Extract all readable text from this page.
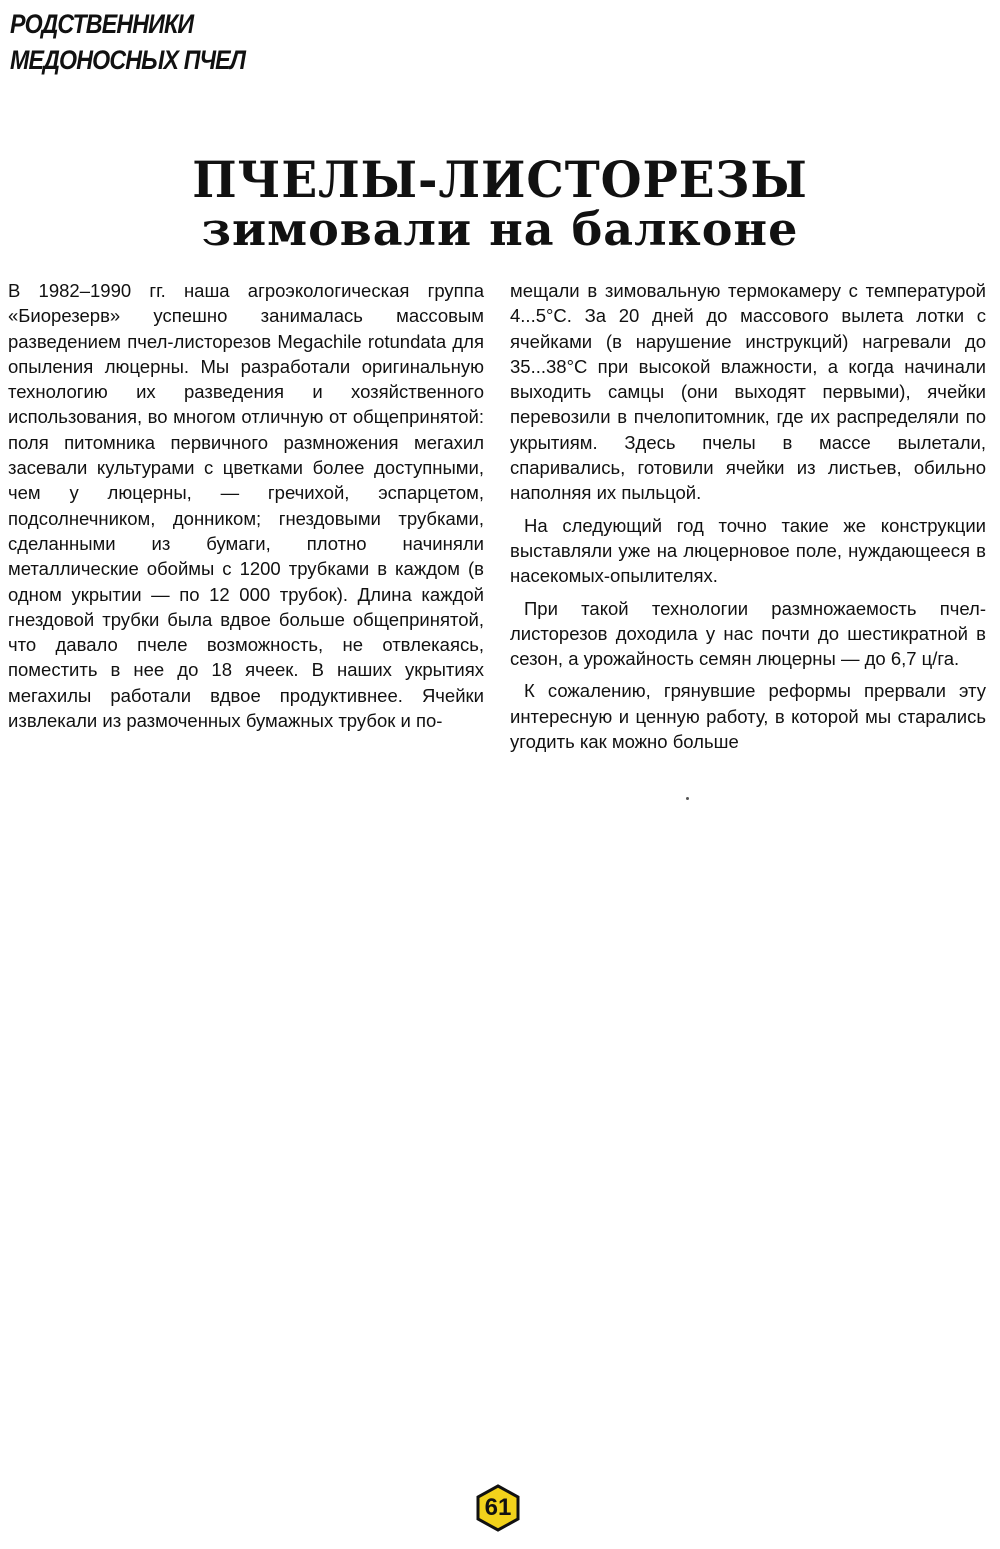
РОДСТВЕННИКИ
МЕДОНОСНЫХ ПЧЕЛ
ПЧЕЛЫ-ЛИСТОРЕЗЫ
зимовали на балконе

В 1982–1990 гг. наша агроэкологическая группа «Биорезерв» успешно занималась массовым разведением пчел-листорезов Megachile rotundata для опыления люцерны. Мы разработали оригинальную технологию их разведения и хозяйственного использования, во многом отличную от общепринятой: поля питомника первичного размножения мегахил засевали культурами с цветками более доступными, чем у люцерны, — гречихой, эспарцетом, подсолнечником, донником; гнездовыми трубками, сделанными из бумаги, плотно начиняли металлические обоймы с 1200 трубками в каждом (в одном укрытии — по 12 000 трубок). Длина каждой гнездовой трубки была вдвое больше общепринятой, что давало пчеле возможность, не отвлекаясь, поместить в нее до 18 ячеек. В наших укрытиях мегахилы работали вдвое продуктивнее. Ячейки извлекали из размоченных бумажных трубок и по-

мещали в зимовальную термокамеру с температурой 4...5°С. За 20 дней до массового вылета лотки с ячейками (в нарушение инструкций) нагревали до 35...38°С при высокой влажности, а когда начинали выходить самцы (они выходят первыми), ячейки перевозили в пчелопитомник, где их распределяли по укрытиям. Здесь пчелы в массе вылетали, спаривались, готовили ячейки из листьев, обильно наполняя их пыльцой.

На следующий год точно такие же конструкции выставляли уже на люцерновое поле, нуждающееся в насекомых-опылителях.

При такой технологии размножаемость пчел-листорезов доходила у нас почти до шестикратной в сезон, а урожайность семян люцерны — до 6,7 ц/га.

К сожалению, грянувшие реформы прервали эту интересную и ценную работу, в которой мы старались угодить как можно больше

61
